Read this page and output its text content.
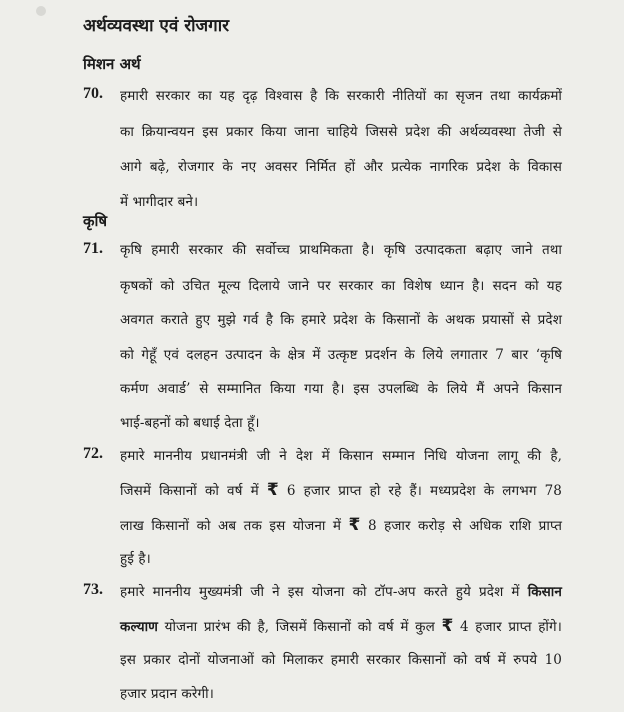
अर्थव्यवस्था एवं रोजगार
मिशन अर्थ
70. हमारी सरकार का यह दृढ़ विश्वास है कि सरकारी नीतियों का सृजन तथा कार्यक्रमों
का क्रियान्वयन इस प्रकार किया जाना चाहिये जिससे प्रदेश की अर्थव्यवस्था तेजी से
आगे बढ़े, रोजगार के नए अवसर निर्मित हों और प्रत्येक नागरिक प्रदेश के विकास
में भागीदार बने।
कृषि
71. कृषि हमारी सरकार की सर्वोच्च प्राथमिकता है। कृषि उत्पादकता बढ़ाए जाने तथा
कृषकों को उचित मूल्य दिलाये जाने पर सरकार का विशेष ध्यान है। सदन को यह
अवगत कराते हुए मुझे गर्व है कि हमारे प्रदेश के किसानों के अथक प्रयासों से प्रदेश
को गेहूँ एवं दलहन उत्पादन के क्षेत्र में उत्कृष्ट प्रदर्शन के लिये लगातार 7 बार ‘कृषि
कर्मण अवार्ड’ से सम्मानित किया गया है। इस उपलब्धि के लिये मैं अपने किसान
भाई-बहनों को बधाई देता हूँ।
72. हमारे माननीय प्रधानमंत्री जी ने देश में किसान सम्मान निधि योजना लागू की है,
जिसमें किसानों को वर्ष में ₹ 6 हजार प्राप्त हो रहे हैं। मध्यप्रदेश के लगभग 78
लाख किसानों को अब तक इस योजना में ₹ 8 हजार करोड़ से अधिक राशि प्राप्त
हुई है।
73. हमारे माननीय मुख्यमंत्री जी ने इस योजना को टॉप-अप करते हुये प्रदेश में किसान
कल्याण योजना प्रारंभ की है, जिसमें किसानों को वर्ष में कुल ₹ 4 हजार प्राप्त होंगे।
इस प्रकार दोनों योजनाओं को मिलाकर हमारी सरकार किसानों को वर्ष में रुपये 10
हजार प्रदान करेगी।
